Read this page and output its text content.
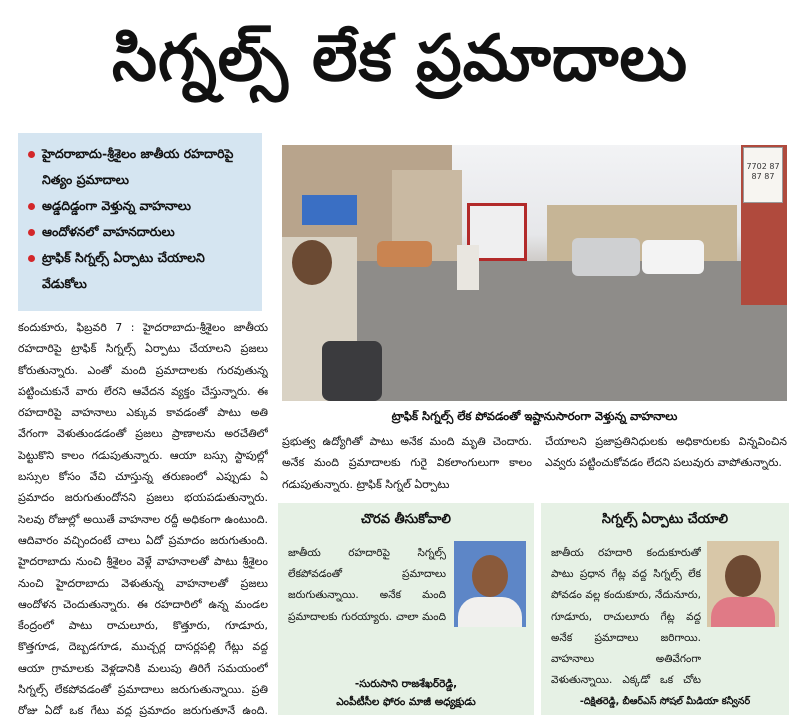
సిగ్నల్స్ లేక ప్రమాదాలు
హైదరాబాదు-శ్రీశైలం జాతీయ రహదారిపై నిత్యం ప్రమాదాలు
అడ్డదిడ్డంగా వెళ్తున్న వాహనాలు
ఆందోళనలో వాహనదారులు
ట్రాఫిక్ సిగ్నల్స్ ఏర్పాటు చేయాలని వేడుకోలు
7702 87 87 87
ట్రాఫిక్ సిగ్నల్స్ లేక పోవడంతో ఇష్టానుసారంగా వెళ్తున్న వాహనాలు
కందుకూరు, ఫిబ్రవరి 7 : హైదరాబాదు-శ్రీశైలం జాతీయ రహదారిపై ట్రాఫిక్ సిగ్నల్స్ ఏర్పాటు చేయాలని ప్రజలు కోరుతున్నారు. ఎంతో మంది ప్రమాదాలకు గురవుతున్న పట్టించుకునే వారు లేరని ఆవేదన వ్యక్తం చేస్తున్నారు. ఈ రహదారిపై వాహనాలు ఎక్కువ కావడంతో పాటు అతి వేగంగా వెళుతుండడంతో ప్రజలు ప్రాణాలను అరచేతిలో పెట్టుకొని కాలం గడుపుతున్నారు. ఆయా బస్సు స్టాపుల్లో బస్సుల కోసం వేచి చూస్తున్న తరుణంలో ఎప్పుడు ఏ ప్రమాదం జరుగుతుందోనని ప్రజలు భయపడుతున్నారు. సెలవు రోజుల్లో అయితే వాహనాల రద్దీ అధికంగా ఉంటుంది. ఆదివారం వచ్చిందంటే చాలు ఏదో ప్రమాదం జరుగుతుంది. హైదరాబాదు నుంచి శ్రీశైలం వెళ్లే వాహనాలతో పాటు శ్రీశైలం నుంచి హైదరాబాదు వెళుతున్న వాహనాలతో ప్రజలు ఆందోళన చెందుతున్నారు. ఈ రహదారిలో ఉన్న మండల కేంద్రంలో పాటు రాచులూరు, కొత్తూరు, గూడూరు, కొత్తగూడ, దెబ్బడగూడ, ముచ్చర్ల దాసర్లపల్లి గేట్లు వద్ద ఆయా గ్రామాలకు వెళ్లడానికి మలుపు తిరిగే సమయంలో సిగ్నల్స్ లేకపోవడంతో ప్రమాదాలు జరుగుతున్నాయి. ప్రతి రోజు ఏదో ఒక గేటు వద్ద ప్రమాదం జరుగుతూనే ఉంది.
ప్రభుత్వ ఉద్యోగితో పాటు అనేక మంది మృతి చెందారు. అనేక మంది ప్రమాదాలకు గురై వికలాంగులుగా కాలం గడుపుతున్నారు. ట్రాఫిక్ సిగ్నల్ ఏర్పాటు
చేయాలని ప్రజాప్రతినిధులకు అధికారులకు విన్నవించిన ఎవ్వరు పట్టించుకోవడం లేదని పలువురు వాపోతున్నారు.
చొరవ తీసుకోవాలి
జాతీయ రహదారిపై సిగ్నల్స్ లేకపోవడంతో ప్రమాదాలు జరుగుతున్నాయి. అనేక మంది ప్రమాదాలకు గురయ్యారు. చాలా మంది
-సురుసాని రాజశేఖర్‌రెడ్డి,
ఎంపీటీసీల ఫోరం మాజీ అధ్యక్షుడు
సిగ్నల్స్ ఏర్పాటు చేయాలి
జాతీయ రహదారి కందుకూరుతో పాటు ప్రధాన గేట్ల వద్ద సిగ్నల్స్ లేక పోవడం వల్ల కందుకూరు, నేదునూరు, గూడూరు, రాచులూరు గేట్ల వద్ద అనేక ప్రమాదాలు జరిగాయి. వాహనాలు అతివేగంగా వెళుతున్నాయి. ఎక్కడో ఒక చోట
-దిక్షితరెడ్డి, బీఆర్ఎస్ సోషల్ మీడియా కన్వీనర్
